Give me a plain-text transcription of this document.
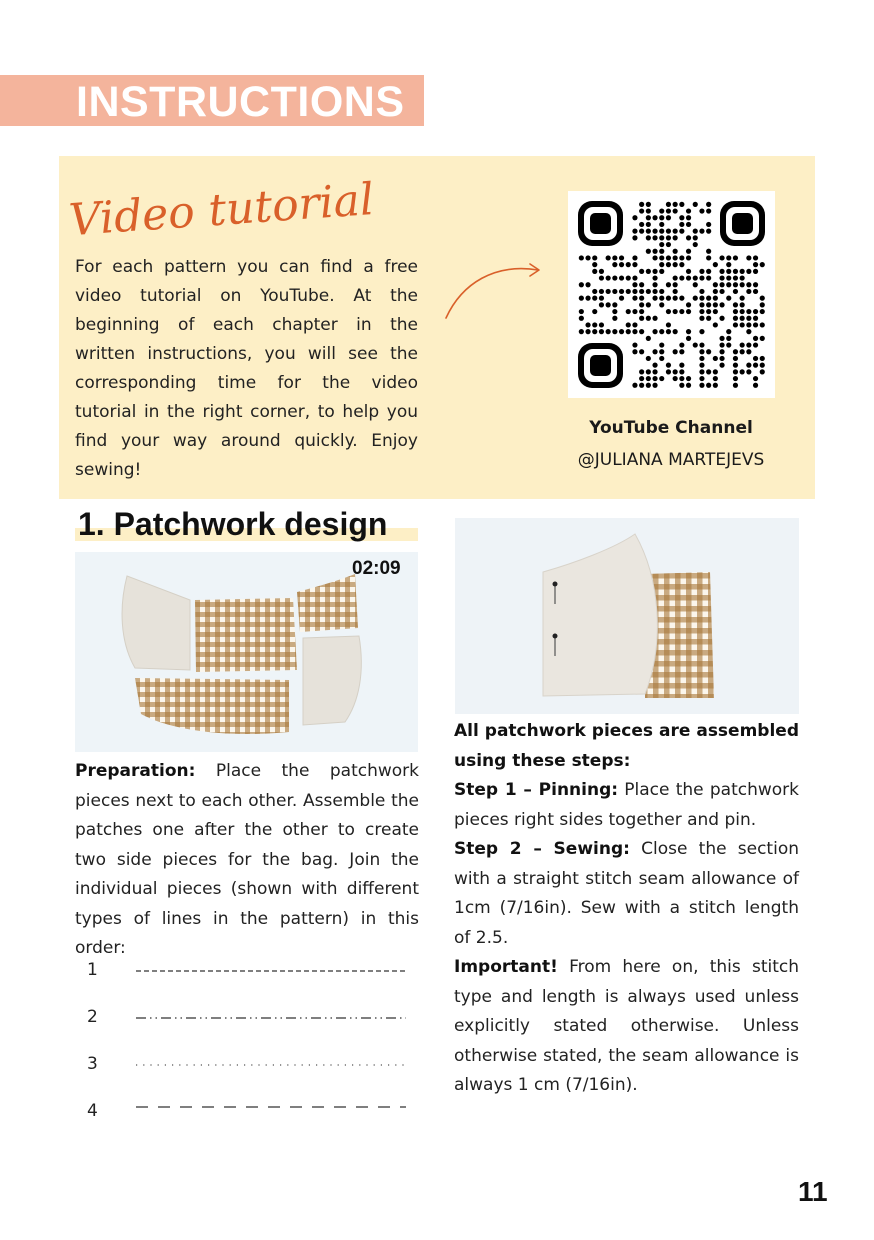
INSTRUCTIONS
Video tutorial
For each pattern you can find a free video tutorial on YouTube. At the beginning of each chapter in the written instructions, you will see the corresponding time for the video tutorial in the right corner, to help you find your way around quickly. Enjoy sewing!
YouTube Channel
@JULIANA MARTEJEVS
1. Patchwork design
02:09
Preparation: Place the patchwork pieces next to each other. Assemble the patches one after the other to create two side pieces for the bag. Join the individual pieces (shown with different types of lines in the pattern) in this order:
1
2
3
4

All patchwork pieces are assembled using these steps:

Step 1 – Pinning: Place the patchwork pieces right sides together and pin.

Step 2 – Sewing: Close the section with a straight stitch seam allowance of 1cm (7/16in). Sew with a stitch length of 2.5.

Important! From here on, this stitch type and length is always used unless explicitly stated otherwise. Unless otherwise stated, the seam allowance is always 1 cm (7/16in).

11
